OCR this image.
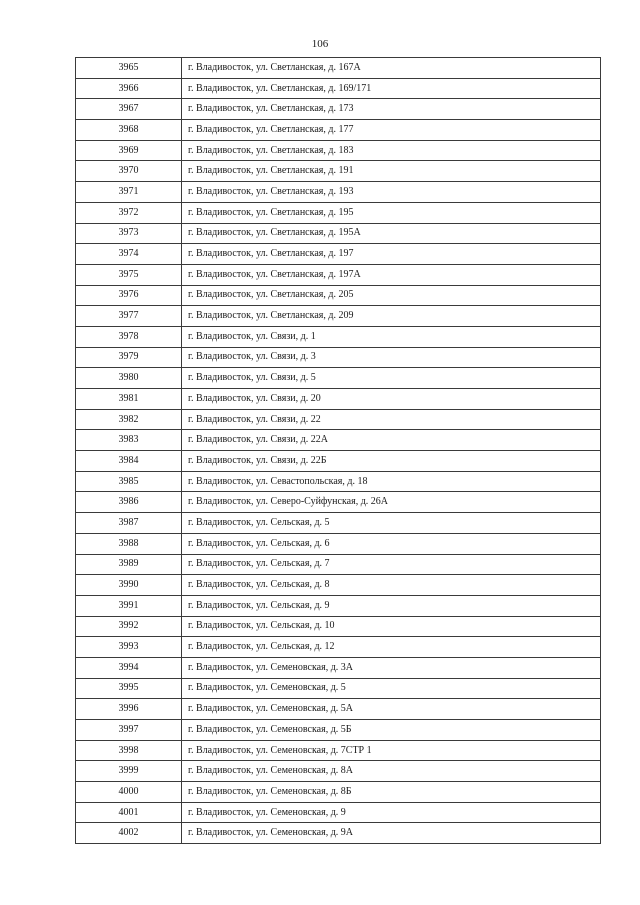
106
3965	г. Владивосток, ул. Светланская, д. 167А
3966	г. Владивосток, ул. Светланская, д. 169/171
3967	г. Владивосток, ул. Светланская, д. 173
3968	г. Владивосток, ул. Светланская, д. 177
3969	г. Владивосток, ул. Светланская, д. 183
3970	г. Владивосток, ул. Светланская, д. 191
3971	г. Владивосток, ул. Светланская, д. 193
3972	г. Владивосток, ул. Светланская, д. 195
3973	г. Владивосток, ул. Светланская, д. 195А
3974	г. Владивосток, ул. Светланская, д. 197
3975	г. Владивосток, ул. Светланская, д. 197А
3976	г. Владивосток, ул. Светланская, д. 205
3977	г. Владивосток, ул. Светланская, д. 209
3978	г. Владивосток, ул. Связи, д. 1
3979	г. Владивосток, ул. Связи, д. 3
3980	г. Владивосток, ул. Связи, д. 5
3981	г. Владивосток, ул. Связи, д. 20
3982	г. Владивосток, ул. Связи, д. 22
3983	г. Владивосток, ул. Связи, д. 22А
3984	г. Владивосток, ул. Связи, д. 22Б
3985	г. Владивосток, ул. Севастопольская, д. 18
3986	г. Владивосток, ул. Северо-Суйфунская, д. 26А
3987	г. Владивосток, ул. Сельская, д. 5
3988	г. Владивосток, ул. Сельская, д. 6
3989	г. Владивосток, ул. Сельская, д. 7
3990	г. Владивосток, ул. Сельская, д. 8
3991	г. Владивосток, ул. Сельская, д. 9
3992	г. Владивосток, ул. Сельская, д. 10
3993	г. Владивосток, ул. Сельская, д. 12
3994	г. Владивосток, ул. Семеновская, д. 3А
3995	г. Владивосток, ул. Семеновская, д. 5
3996	г. Владивосток, ул. Семеновская, д. 5А
3997	г. Владивосток, ул. Семеновская, д. 5Б
3998	г. Владивосток, ул. Семеновская, д. 7СТР 1
3999	г. Владивосток, ул. Семеновская, д. 8А
4000	г. Владивосток, ул. Семеновская, д. 8Б
4001	г. Владивосток, ул. Семеновская, д. 9
4002	г. Владивосток, ул. Семеновская, д. 9А
